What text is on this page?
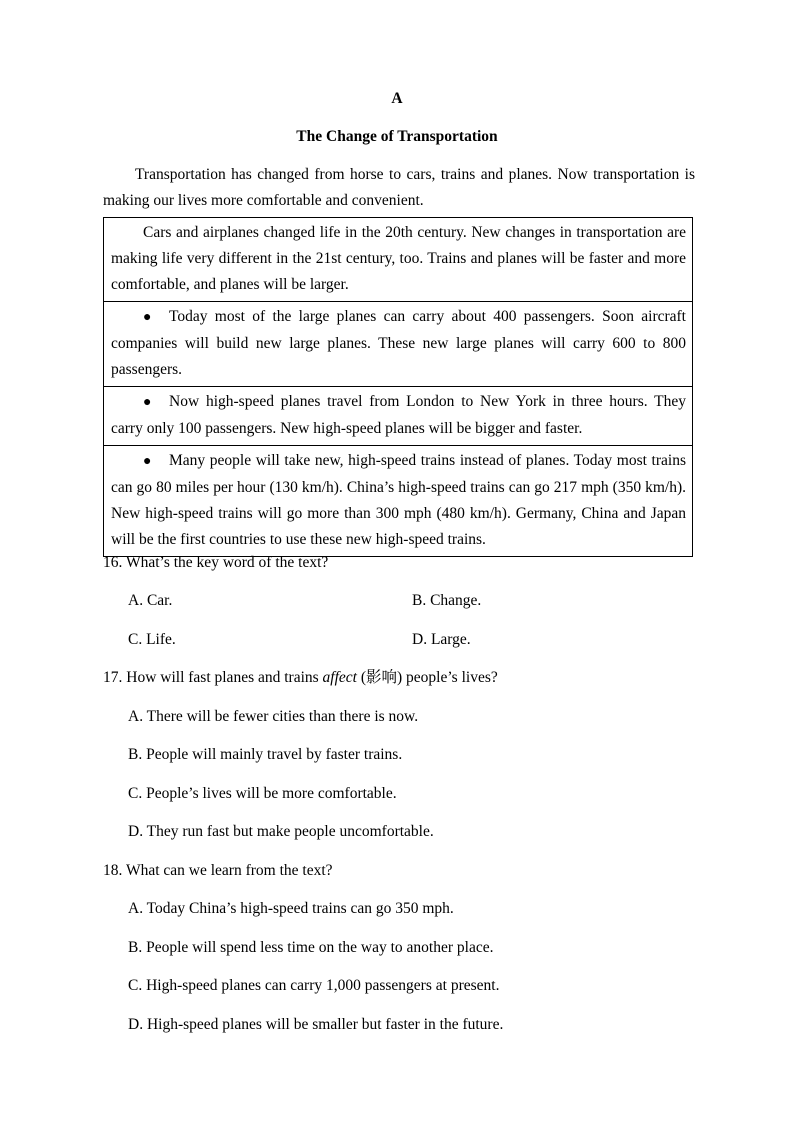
A
The Change of Transportation

Transportation has changed from horse to cars, trains and planes. Now transportation is making our lives more comfortable and convenient.

Cars and airplanes changed life in the 20th century. New changes in transportation are making life very different in the 21st century, too. Trains and planes will be faster and more comfortable, and planes will be larger.
● Today most of the large planes can carry about 400 passengers. Soon aircraft companies will build new large planes. These new large planes will carry 600 to 800 passengers.
● Now high-speed planes travel from London to New York in three hours. They carry only 100 passengers. New high-speed planes will be bigger and faster.
● Many people will take new, high-speed trains instead of planes. Today most trains can go 80 miles per hour (130 km/h). China’s high-speed trains can go 217 mph (350 km/h). New high-speed trains will go more than 300 mph (480 km/h). Germany, China and Japan will be the first countries to use these new high-speed trains.

16. What’s the key word of the text?

A. Car.	B. Change.

C. Life.	D. Large.

17. How will fast planes and trains affect (影响) people’s lives?

A. There will be fewer cities than there is now.

B. People will mainly travel by faster trains.

C. People’s lives will be more comfortable.

D. They run fast but make people uncomfortable.

18. What can we learn from the text?

A. Today China’s high-speed trains can go 350 mph.

B. People will spend less time on the way to another place.

C. High-speed planes can carry 1,000 passengers at present.

D. High-speed planes will be smaller but faster in the future.
